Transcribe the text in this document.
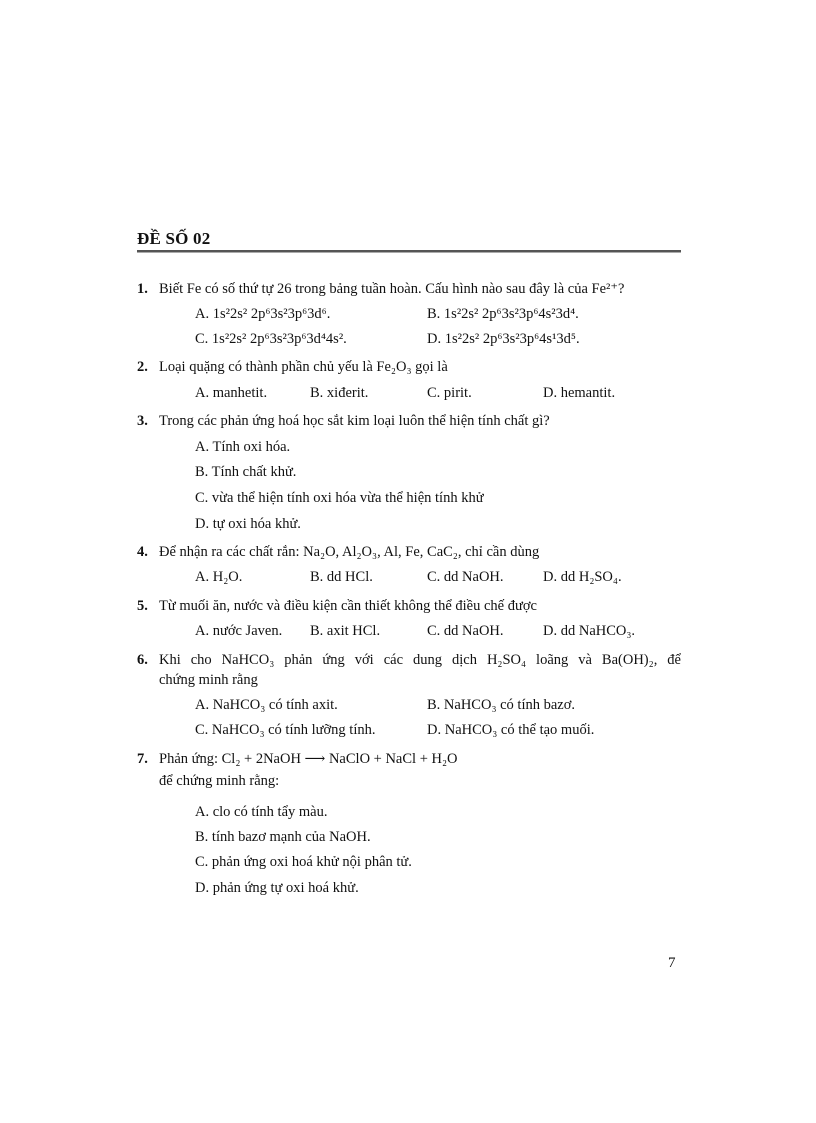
ĐỀ SỐ 02
1. Biết Fe có số thứ tự 26 trong bảng tuần hoàn. Cấu hình nào sau đây là của Fe²⁺?
A. 1s²2s² 2p⁶3s²3p⁶3d⁶.	B. 1s²2s² 2p⁶3s²3p⁶4s²3d⁴.
C. 1s²2s² 2p⁶3s²3p⁶3d⁴4s².	D. 1s²2s² 2p⁶3s²3p⁶4s¹3d⁵.
2. Loại quặng có thành phần chủ yếu là Fe₂O₃ gọi là
A. manhetit.	B. xiđerit.	C. pirit.	D. hemantit.
3. Trong các phản ứng hoá học sắt kim loại luôn thể hiện tính chất gì?
A. Tính oxi hóa.
B. Tính chất khử.
C. vừa thể hiện tính oxi hóa vừa thể hiện tính khử
D. tự oxi hóa khử.
4. Để nhận ra các chất rắn: Na₂O, Al₂O₃, Al, Fe, CaC₂, chỉ cần dùng
A. H₂O.	B. dd HCl.	C. dd NaOH.	D. dd H₂SO₄.
5. Từ muối ăn, nước và điều kiện cần thiết không thể điều chế được
A. nước Javen. B. axit HCl.	C. dd NaOH.	D. dd NaHCO₃.
6. Khi cho NaHCO₃ phản ứng với các dung dịch H₂SO₄ loãng và Ba(OH)₂, để
chứng minh rằng
A. NaHCO₃ có tính axit.	B. NaHCO₃ có tính bazơ.
C. NaHCO₃ có tính lưỡng tính.	D. NaHCO₃ có thể tạo muối.
7. Phản ứng: Cl₂ + 2NaOH ⟶ NaClO + NaCl + H₂O
để chứng minh rằng:
A. clo có tính tẩy màu.
B. tính bazơ mạnh của NaOH.
C. phản ứng oxi hoá khử nội phân tử.
D. phản ứng tự oxi hoá khử.
7
